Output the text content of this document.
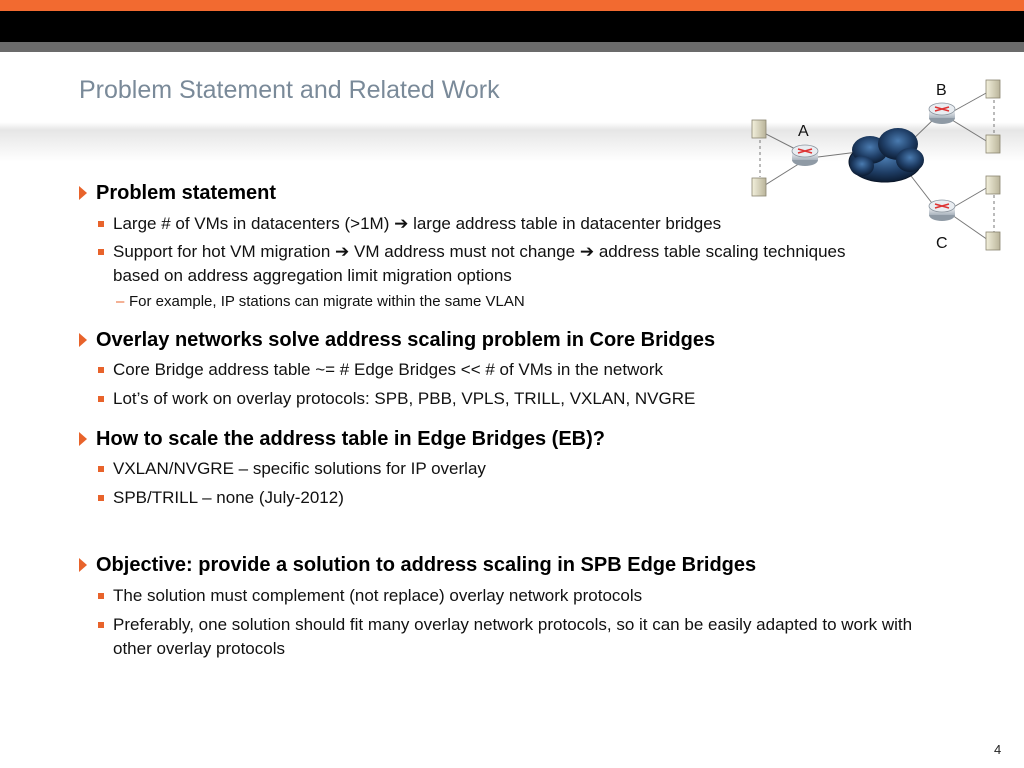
Problem Statement and Related Work
A
B
C
Problem statement
Large # of VMs in datacenters (>1M) ➔ large address table in datacenter bridges
Support for hot VM migration ➔ VM address must not change ➔ address table scaling techniques based on address aggregation limit migration options
– For example, IP stations can migrate within the same VLAN
Overlay networks solve address scaling problem in Core Bridges
Core Bridge address table ~= # Edge Bridges << # of VMs in the network
Lot’s of work on overlay protocols: SPB, PBB, VPLS, TRILL, VXLAN, NVGRE
How to scale the address table in Edge Bridges (EB)?
VXLAN/NVGRE – specific solutions for IP overlay
SPB/TRILL – none (July-2012)
Objective: provide a solution to address scaling in SPB Edge Bridges
The solution must complement (not replace) overlay network protocols
Preferably, one solution should fit many overlay network protocols, so it can be easily adapted to work with other overlay protocols
4
